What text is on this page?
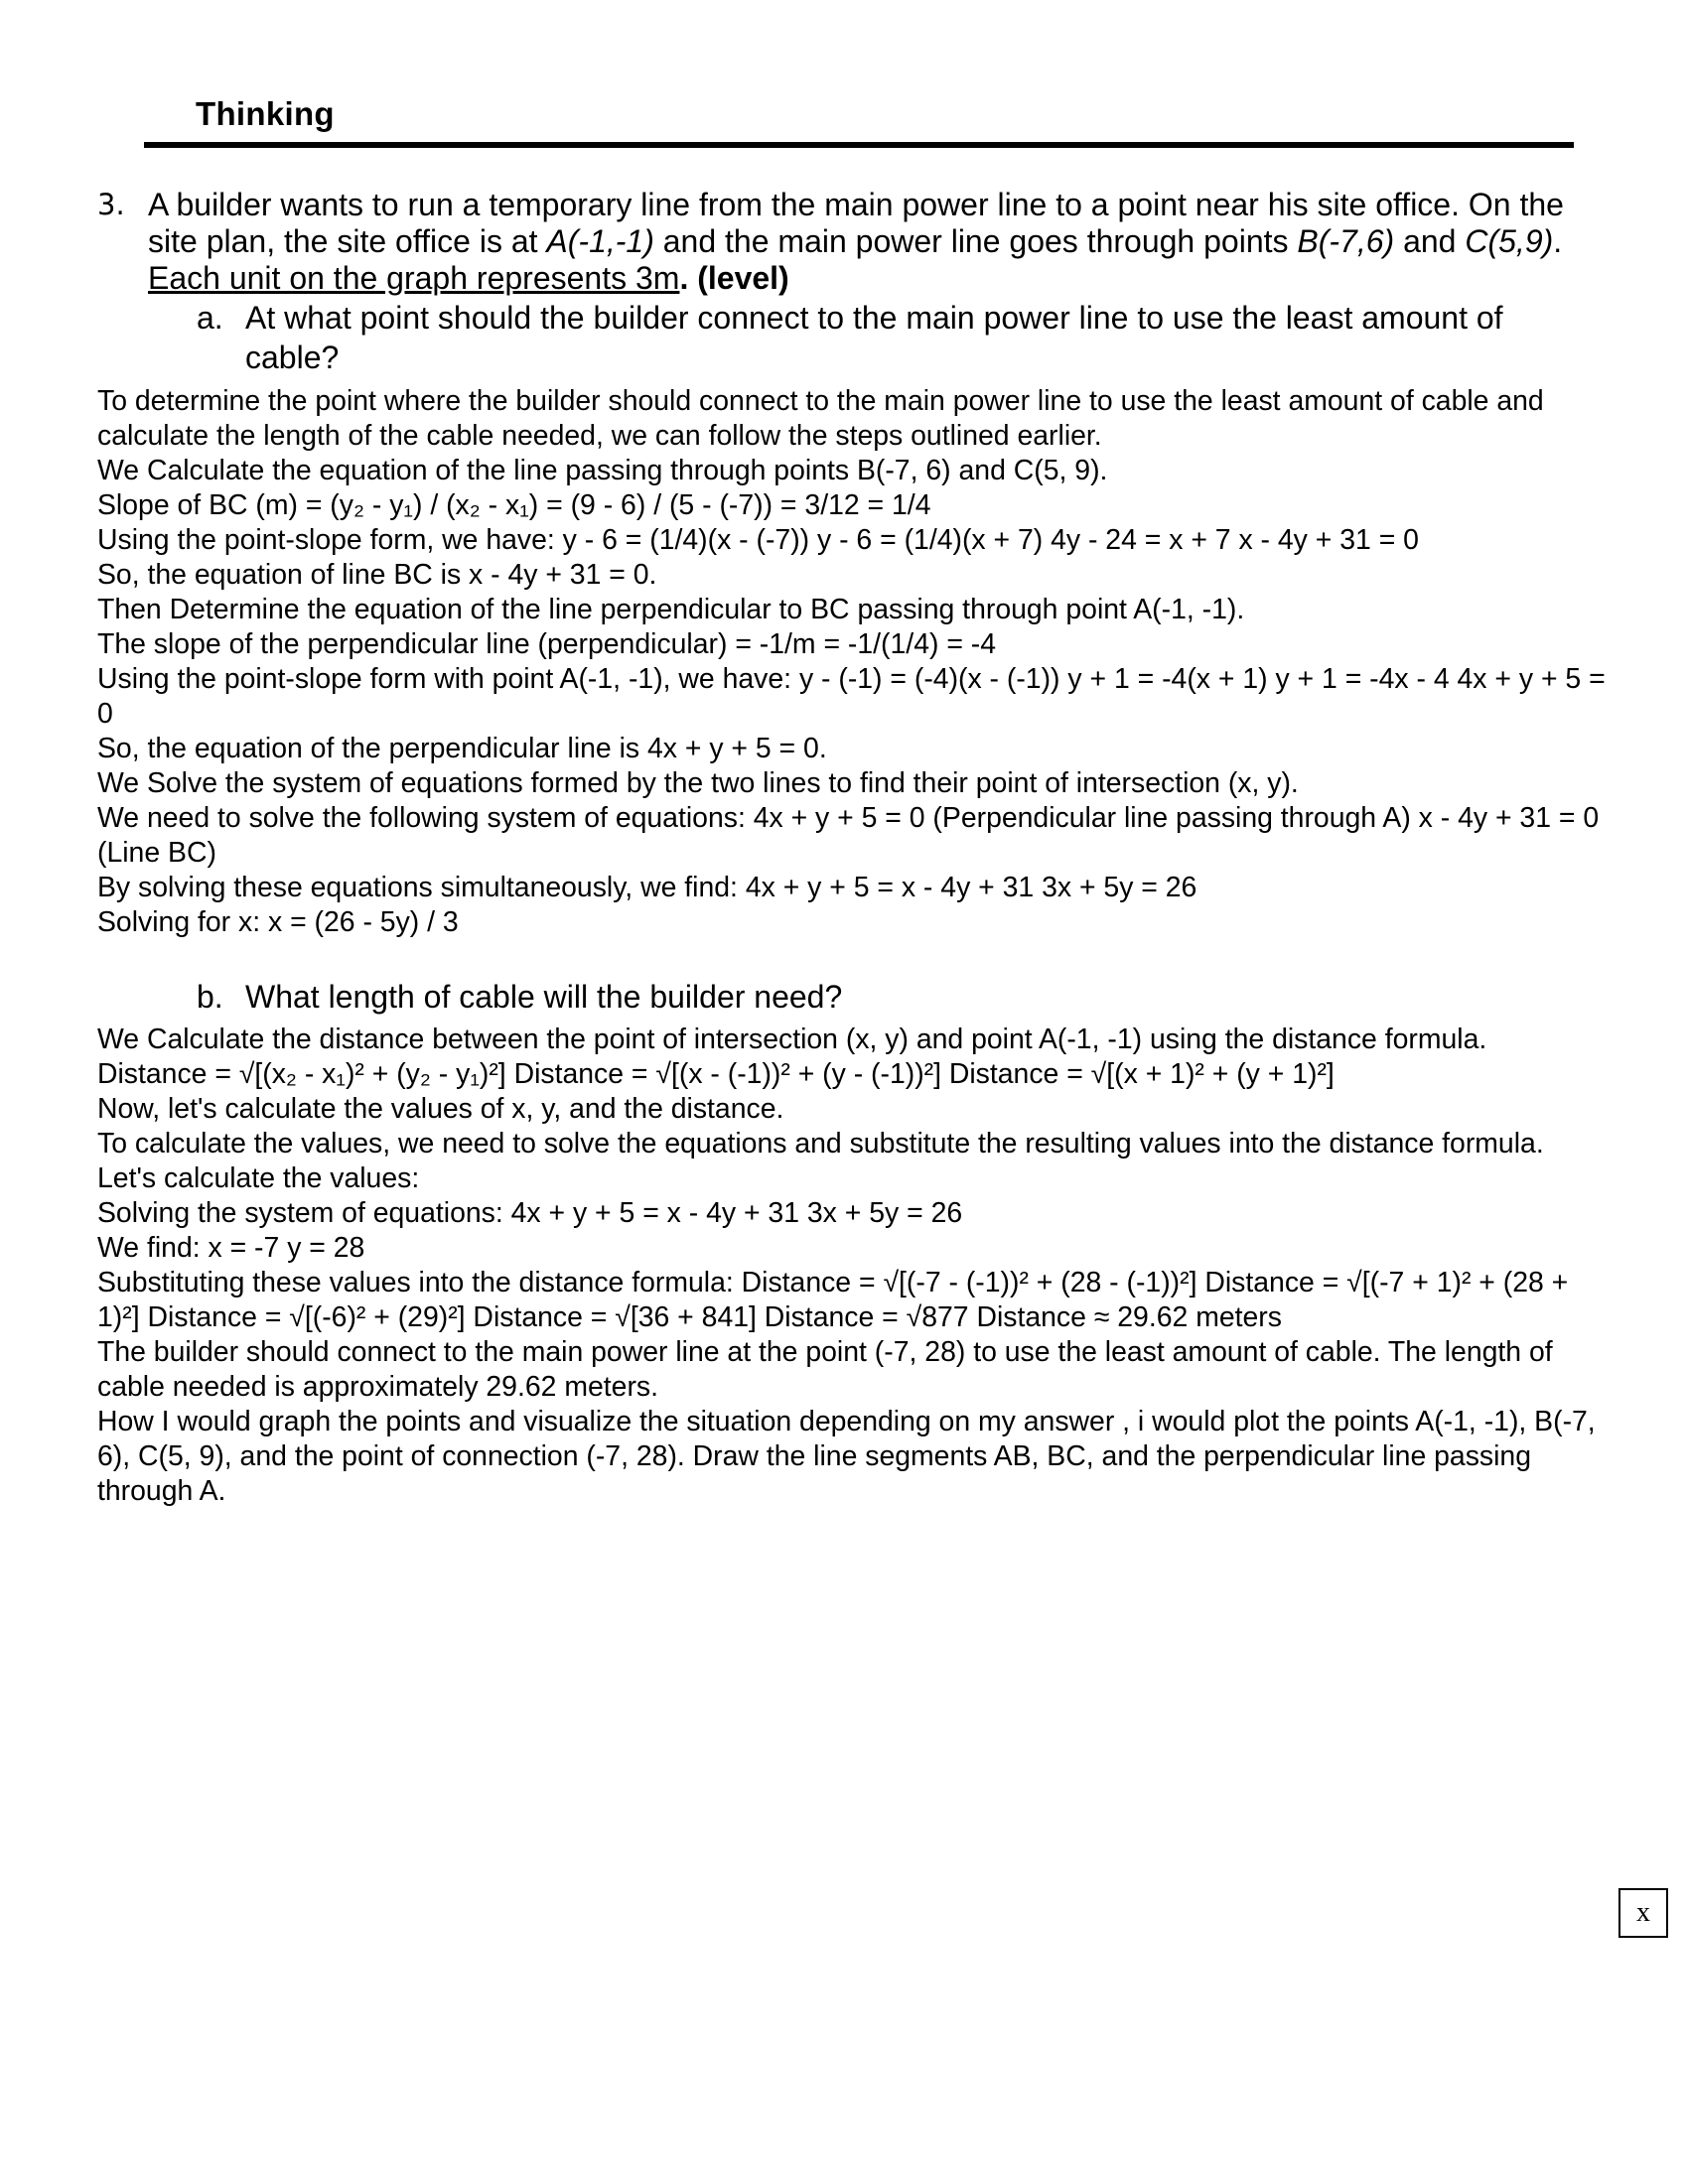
Thinking
3. A builder wants to run a temporary line from the main power line to a point near his site office. On the site plan, the site office is at A(-1,-1) and the main power line goes through points B(-7,6) and C(5,9). Each unit on the graph represents 3m. (level)
a. At what point should the builder connect to the main power line to use the least amount of cable?

To determine the point where the builder should connect to the main power line to use the least amount of cable and calculate the length of the cable needed, we can follow the steps outlined earlier.

We Calculate the equation of the line passing through points B(-7, 6) and C(5, 9).

Slope of BC (m) = (y₂ - y₁) / (x₂ - x₁) = (9 - 6) / (5 - (-7)) = 3/12 = 1/4

Using the point-slope form, we have: y - 6 = (1/4)(x - (-7)) y - 6 = (1/4)(x + 7) 4y - 24 = x + 7 x - 4y + 31 = 0

So, the equation of line BC is x - 4y + 31 = 0.

Then Determine the equation of the line perpendicular to BC passing through point A(-1, -1).

The slope of the perpendicular line (perpendicular) = -1/m = -1/(1/4) = -4

Using the point-slope form with point A(-1, -1), we have: y - (-1) = (-4)(x - (-1)) y + 1 = -4(x + 1) y + 1 = -4x - 4 4x + y + 5 = 0

So, the equation of the perpendicular line is 4x + y + 5 = 0.

We Solve the system of equations formed by the two lines to find their point of intersection (x, y).

We need to solve the following system of equations: 4x + y + 5 = 0 (Perpendicular line passing through A) x - 4y + 31 = 0 (Line BC)

By solving these equations simultaneously, we find: 4x + y + 5 = x - 4y + 31 3x + 5y = 26

Solving for x: x = (26 - 5y) / 3

b. What length of cable will the builder need?

We Calculate the distance between the point of intersection (x, y) and point A(-1, -1) using the distance formula.

Distance = √[(x₂ - x₁)² + (y₂ - y₁)²] Distance = √[(x - (-1))² + (y - (-1))²] Distance = √[(x + 1)² + (y + 1)²]

Now, let's calculate the values of x, y, and the distance.

To calculate the values, we need to solve the equations and substitute the resulting values into the distance formula. Let's calculate the values:

Solving the system of equations: 4x + y + 5 = x - 4y + 31 3x + 5y = 26

We find: x = -7 y = 28

Substituting these values into the distance formula: Distance = √[(-7 - (-1))² + (28 - (-1))²] Distance = √[(-7 + 1)² + (28 + 1)²] Distance = √[(-6)² + (29)²] Distance = √[36 + 841] Distance = √877 Distance ≈ 29.62 meters

The builder should connect to the main power line at the point (-7, 28) to use the least amount of cable. The length of cable needed is approximately 29.62 meters.

How I would graph the points and visualize the situation depending on my answer , i would plot the points A(-1, -1), B(-7, 6), C(5, 9), and the point of connection (-7, 28). Draw the line segments AB, BC, and the perpendicular line passing through A.

x
